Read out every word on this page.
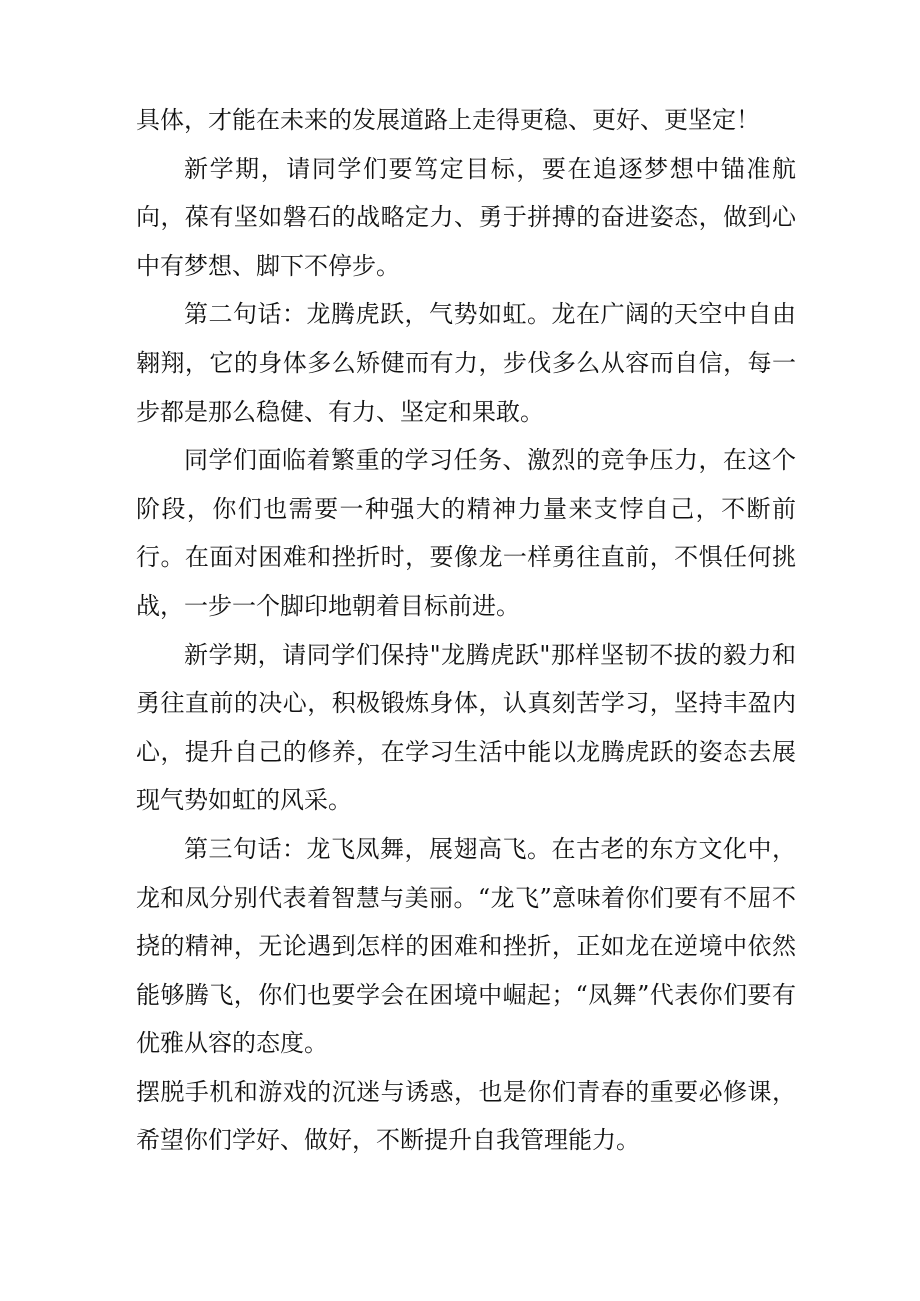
具体，才能在未来的发展道路上走得更稳、更好、更坚定！

新学期，请同学们要笃定目标，要在追逐梦想中锚准航向，葆有坚如磐石的战略定力、勇于拼搏的奋进姿态，做到心中有梦想、脚下不停步。

第二句话：龙腾虎跃，气势如虹。龙在广阔的天空中自由翱翔，它的身体多么矫健而有力，步伐多么从容而自信，每一步都是那么稳健、有力、坚定和果敢。

同学们面临着繁重的学习任务、激烈的竞争压力，在这个阶段，你们也需要一种强大的精神力量来支悖自己，不断前行。在面对困难和挫折时，要像龙一样勇往直前，不惧任何挑战，一步一个脚印地朝着目标前进。

新学期，请同学们保持"龙腾虎跃"那样坚韧不拔的毅力和勇往直前的决心，积极锻炼身体，认真刻苦学习，坚持丰盈内心，提升自己的修养，在学习生活中能以龙腾虎跃的姿态去展现气势如虹的风采。

第三句话：龙飞凤舞，展翅高飞。在古老的东方文化中，龙和凤分别代表着智慧与美丽。“龙飞”意味着你们要有不屈不挠的精神，无论遇到怎样的困难和挫折，正如龙在逆境中依然能够腾飞，你们也要学会在困境中崛起；“凤舞”代表你们要有优雅从容的态度。

摆脱手机和游戏的沉迷与诱惑，也是你们青春的重要必修课，希望你们学好、做好，不断提升自我管理能力。
